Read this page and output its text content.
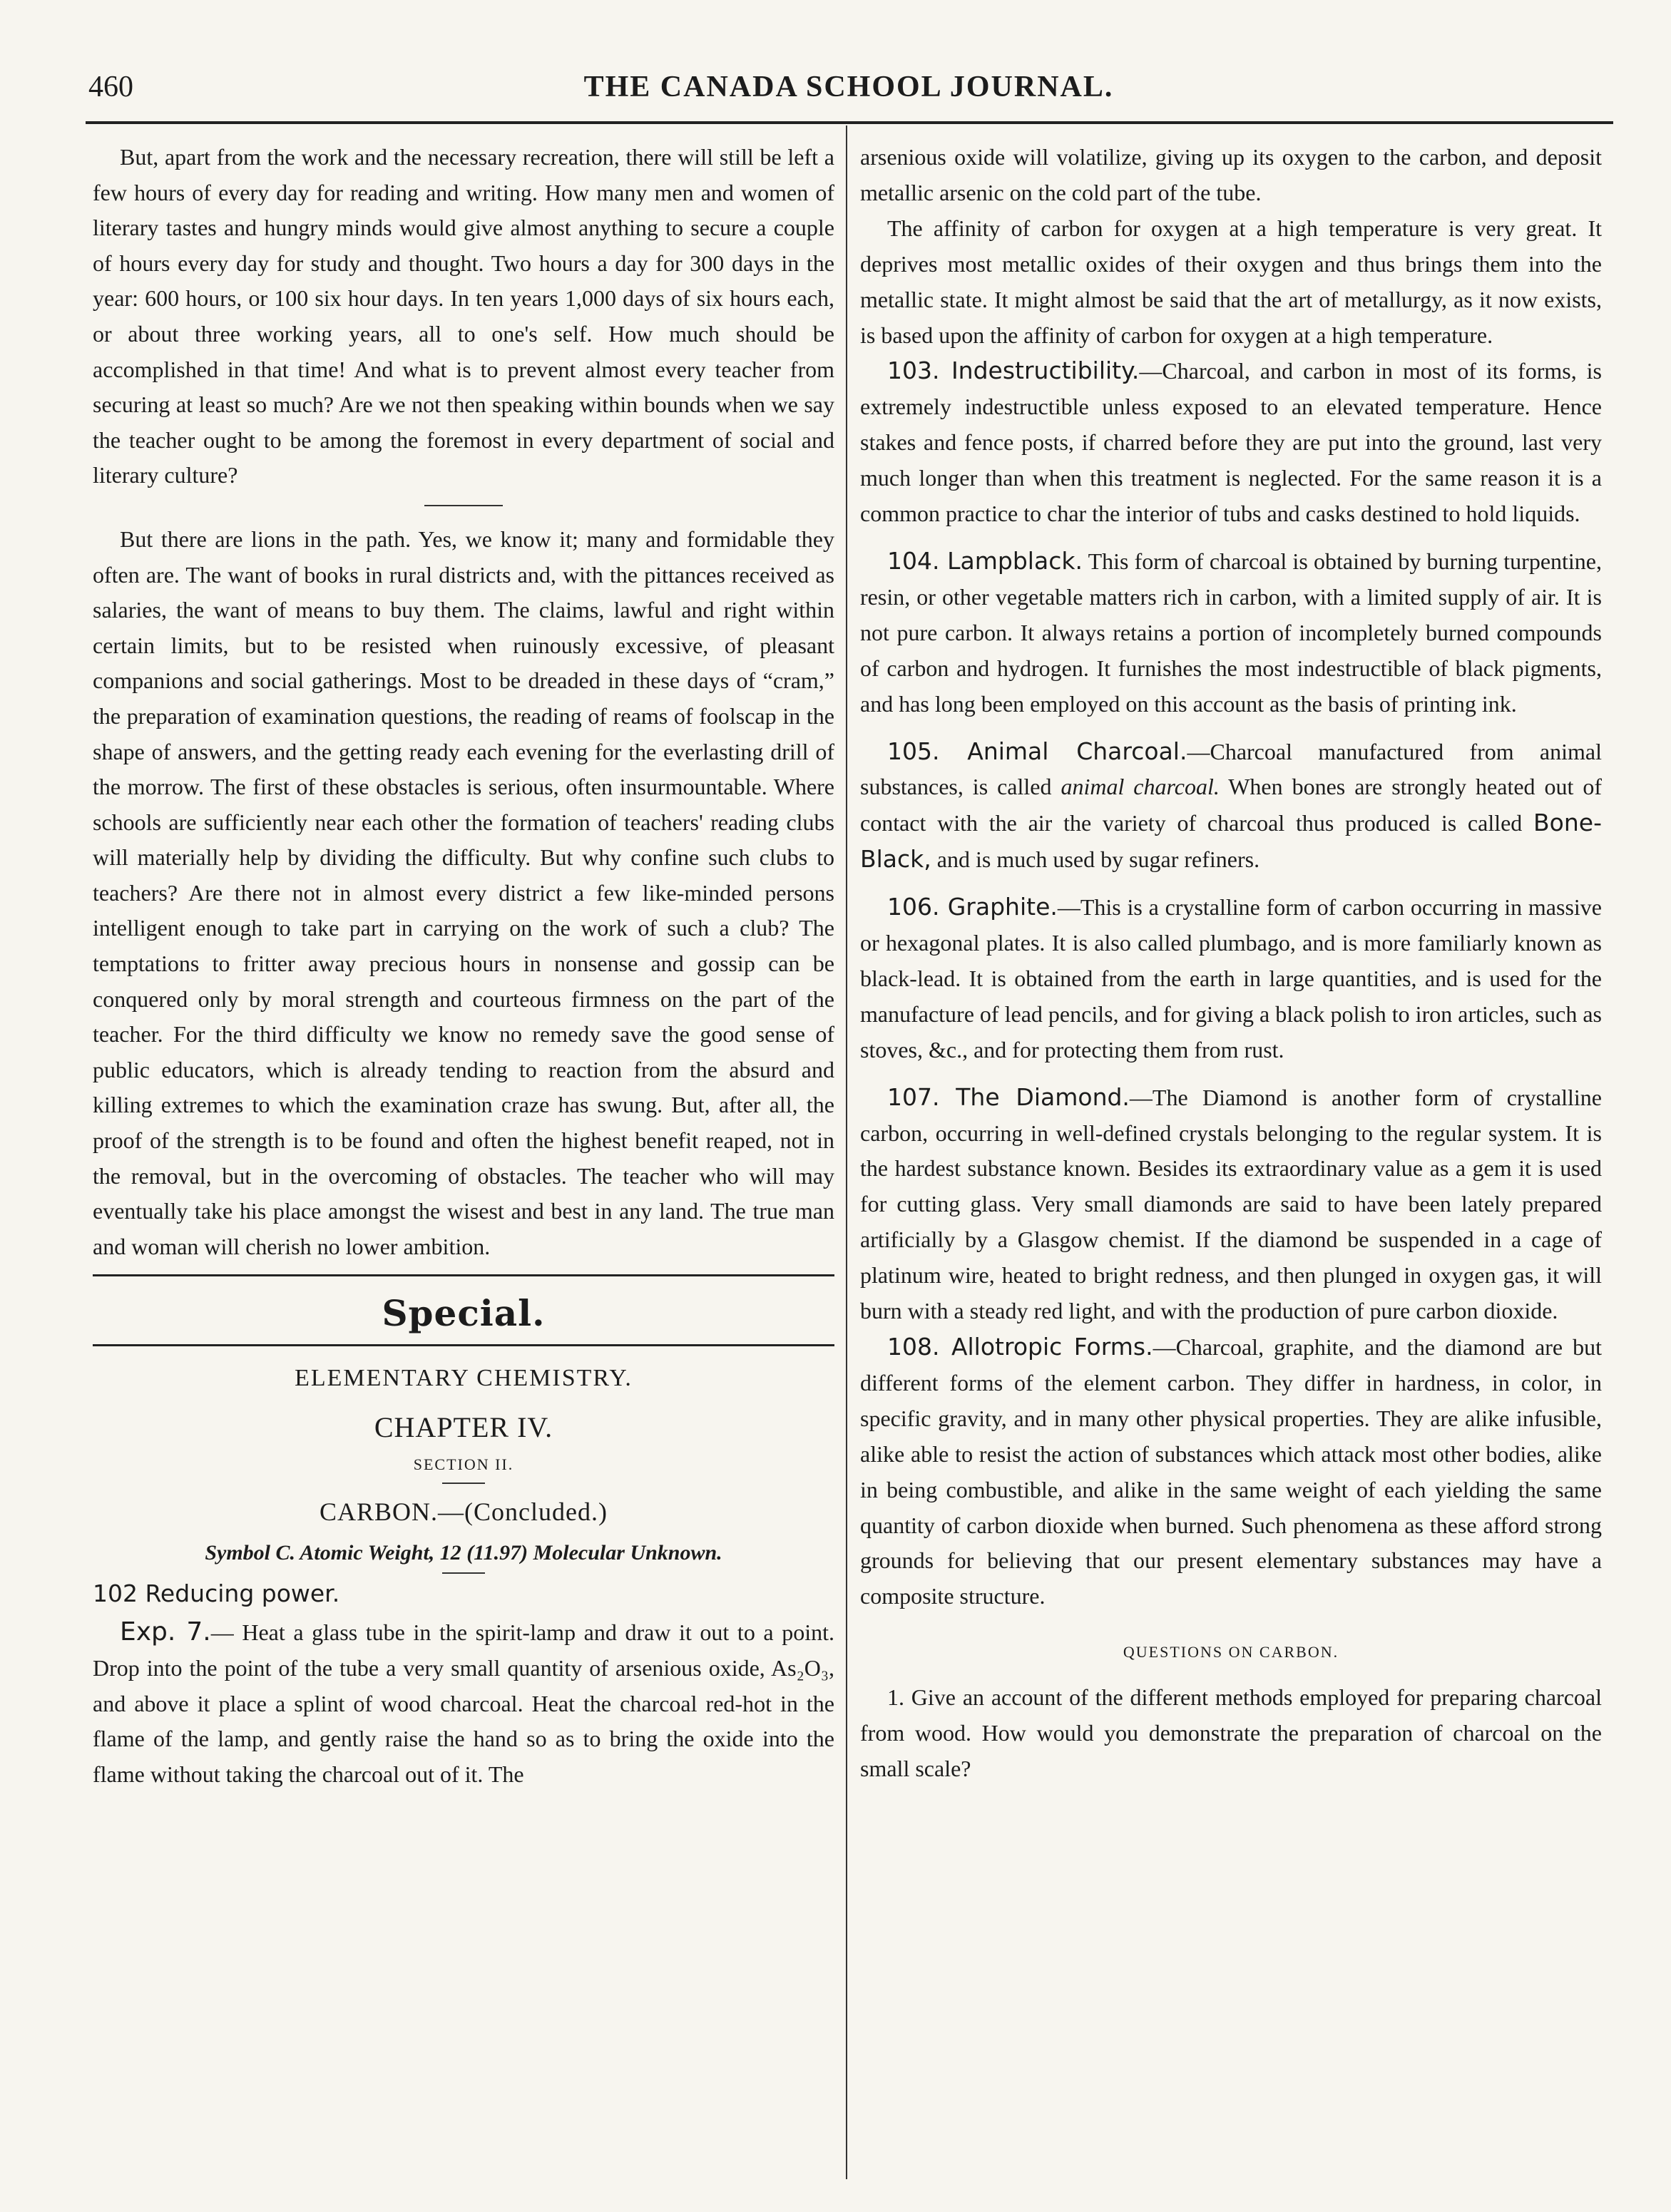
460	THE CANADA SCHOOL JOURNAL.

But, apart from the work and the necessary recreation, there will still be left a few hours of every day for reading and writing. How many men and women of literary tastes and hungry minds would give almost anything to secure a couple of hours every day for study and thought. Two hours a day for 300 days in the year: 600 hours, or 100 six hour days. In ten years 1,000 days of six hours each, or about three working years, all to one's self. How much should be accomplished in that time! And what is to prevent almost every teacher from securing at least so much? Are we not then speaking within bounds when we say the teacher ought to be among the foremost in every department of social and literary culture?

But there are lions in the path. Yes, we know it; many and formidable they often are. The want of books in rural districts and, with the pittances received as salaries, the want of means to buy them. The claims, lawful and right within certain limits, but to be resisted when ruinously excessive, of pleasant companions and social gatherings. Most to be dreaded in these days of “cram,” the preparation of examination questions, the reading of reams of foolscap in the shape of answers, and the getting ready each evening for the everlasting drill of the morrow. The first of these obstacles is serious, often insurmountable. Where schools are sufficiently near each other the formation of teachers' reading clubs will materially help by dividing the difficulty. But why confine such clubs to teachers? Are there not in almost every district a few like-minded persons intelligent enough to take part in carrying on the work of such a club? The temptations to fritter away precious hours in nonsense and gossip can be conquered only by moral strength and courteous firmness on the part of the teacher. For the third difficulty we know no remedy save the good sense of public educators, which is already tending to reaction from the absurd and killing extremes to which the examination craze has swung. But, after all, the proof of the strength is to be found and often the highest benefit reaped, not in the removal, but in the overcoming of obstacles. The teacher who will may eventually take his place amongst the wisest and best in any land. The true man and woman will cherish no lower ambition.

Special.
ELEMENTARY CHEMISTRY.
CHAPTER IV.
SECTION II.
CARBON.—(Concluded.)
Symbol C. Atomic Weight, 12 (11.97) Molecular Unknown.
102 Reducing power.

Exp. 7.— Heat a glass tube in the spirit-lamp and draw it out to a point. Drop into the point of the tube a very small quantity of arsenious oxide, As₂O₃, and above it place a splint of wood charcoal. Heat the charcoal red-hot in the flame of the lamp, and gently raise the hand so as to bring the oxide into the flame without taking the charcoal out of it. The

arsenious oxide will volatilize, giving up its oxygen to the carbon, and deposit metallic arsenic on the cold part of the tube.

The affinity of carbon for oxygen at a high temperature is very great. It deprives most metallic oxides of their oxygen and thus brings them into the metallic state. It might almost be said that the art of metallurgy, as it now exists, is based upon the affinity of carbon for oxygen at a high temperature.

103. Indestructibility.—Charcoal, and carbon in most of its forms, is extremely indestructible unless exposed to an elevated temperature. Hence stakes and fence posts, if charred before they are put into the ground, last very much longer than when this treatment is neglected. For the same reason it is a common practice to char the interior of tubs and casks destined to hold liquids.

104. Lampblack. This form of charcoal is obtained by burning turpentine, resin, or other vegetable matters rich in carbon, with a limited supply of air. It is not pure carbon. It always retains a portion of incompletely burned compounds of carbon and hydrogen. It furnishes the most indestructible of black pigments, and has long been employed on this account as the basis of printing ink.

105. Animal Charcoal.—Charcoal manufactured from animal substances, is called animal charcoal. When bones are strongly heated out of contact with the air the variety of charcoal thus produced is called Bone-Black, and is much used by sugar refiners.

106. Graphite.—This is a crystalline form of carbon occurring in massive or hexagonal plates. It is also called plumbago, and is more familiarly known as black-lead. It is obtained from the earth in large quantities, and is used for the manufacture of lead pencils, and for giving a black polish to iron articles, such as stoves, &c., and for protecting them from rust.

107. The Diamond.—The Diamond is another form of crystalline carbon, occurring in well-defined crystals belonging to the regular system. It is the hardest substance known. Besides its extraordinary value as a gem it is used for cutting glass. Very small diamonds are said to have been lately prepared artificially by a Glasgow chemist. If the diamond be suspended in a cage of platinum wire, heated to bright redness, and then plunged in oxygen gas, it will burn with a steady red light, and with the production of pure carbon dioxide.

108. Allotropic Forms.—Charcoal, graphite, and the diamond are but different forms of the element carbon. They differ in hardness, in color, in specific gravity, and in many other physical properties. They are alike infusible, alike able to resist the action of substances which attack most other bodies, alike in being combustible, and alike in the same weight of each yielding the same quantity of carbon dioxide when burned. Such phenomena as these afford strong grounds for believing that our present elementary substances may have a composite structure.

QUESTIONS ON CARBON.

1. Give an account of the different methods employed for preparing charcoal from wood. How would you demonstrate the preparation of charcoal on the small scale?
